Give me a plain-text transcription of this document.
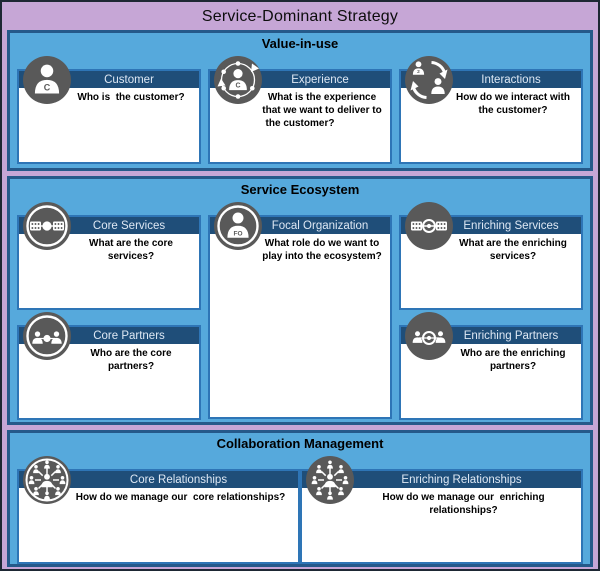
Service-Dominant Strategy
Value-in-use
C
Customer

Who is  the customer?

C
Experience

What is the experience that we want to deliver to the customer?

2
Interactions

How do we interact with the customer?

Service Ecosystem
Core Services

What are the core services?

Core Partners

Who are the core partners?

FO
Focal Organization

What role do we want to play into the ecosystem?

Enriching Services

What are the enriching services?

Enriching Partners

Who are the enriching partners?

Collaboration Management
Core Relationships

How do we manage our  core relationships?

Enriching Relationships

How do we manage our  enriching relationships?
